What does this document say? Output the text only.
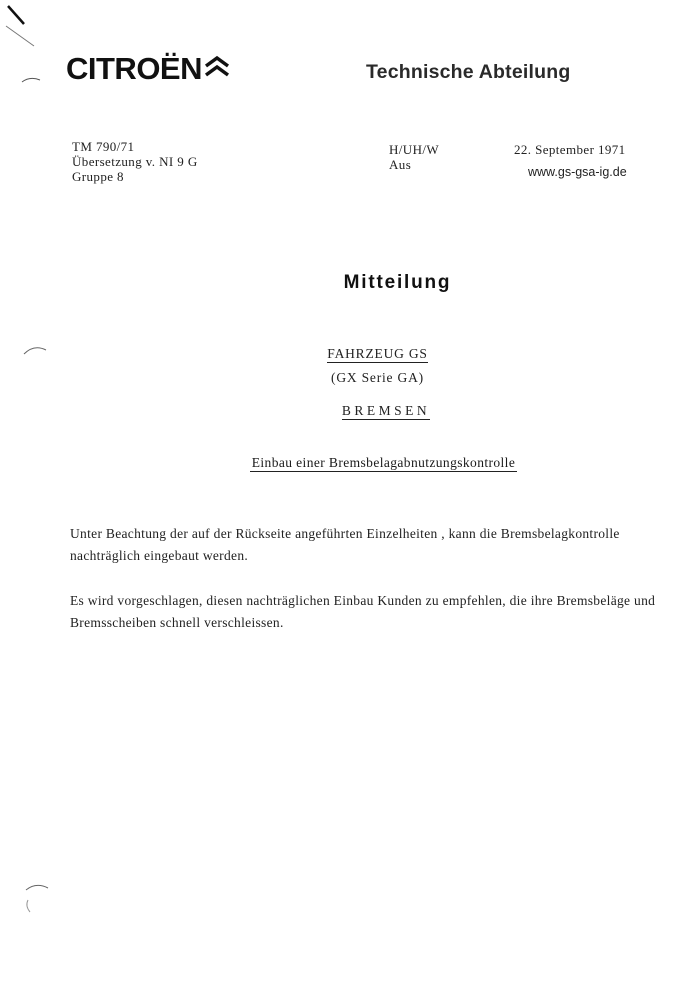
CITROËN	Technische Abteilung
TM 790/71
Übersetzung v. NI 9 G
Gruppe 8
H/UH/W
Aus
22. September 1971
www.gs-gsa-ig.de
Mitteilung
FAHRZEUG GS
(GX Serie GA)
BREMSEN
Einbau einer Bremsbelagabnutzungskontrolle
Unter Beachtung der auf der Rückseite angeführten Einzelheiten , kann die Bremsbelagkontrolle nachträglich eingebaut werden.
Es wird vorgeschlagen, diesen nachträglichen Einbau Kunden zu empfehlen, die ihre Bremsbeläge und Bremsscheiben schnell verschleissen.
